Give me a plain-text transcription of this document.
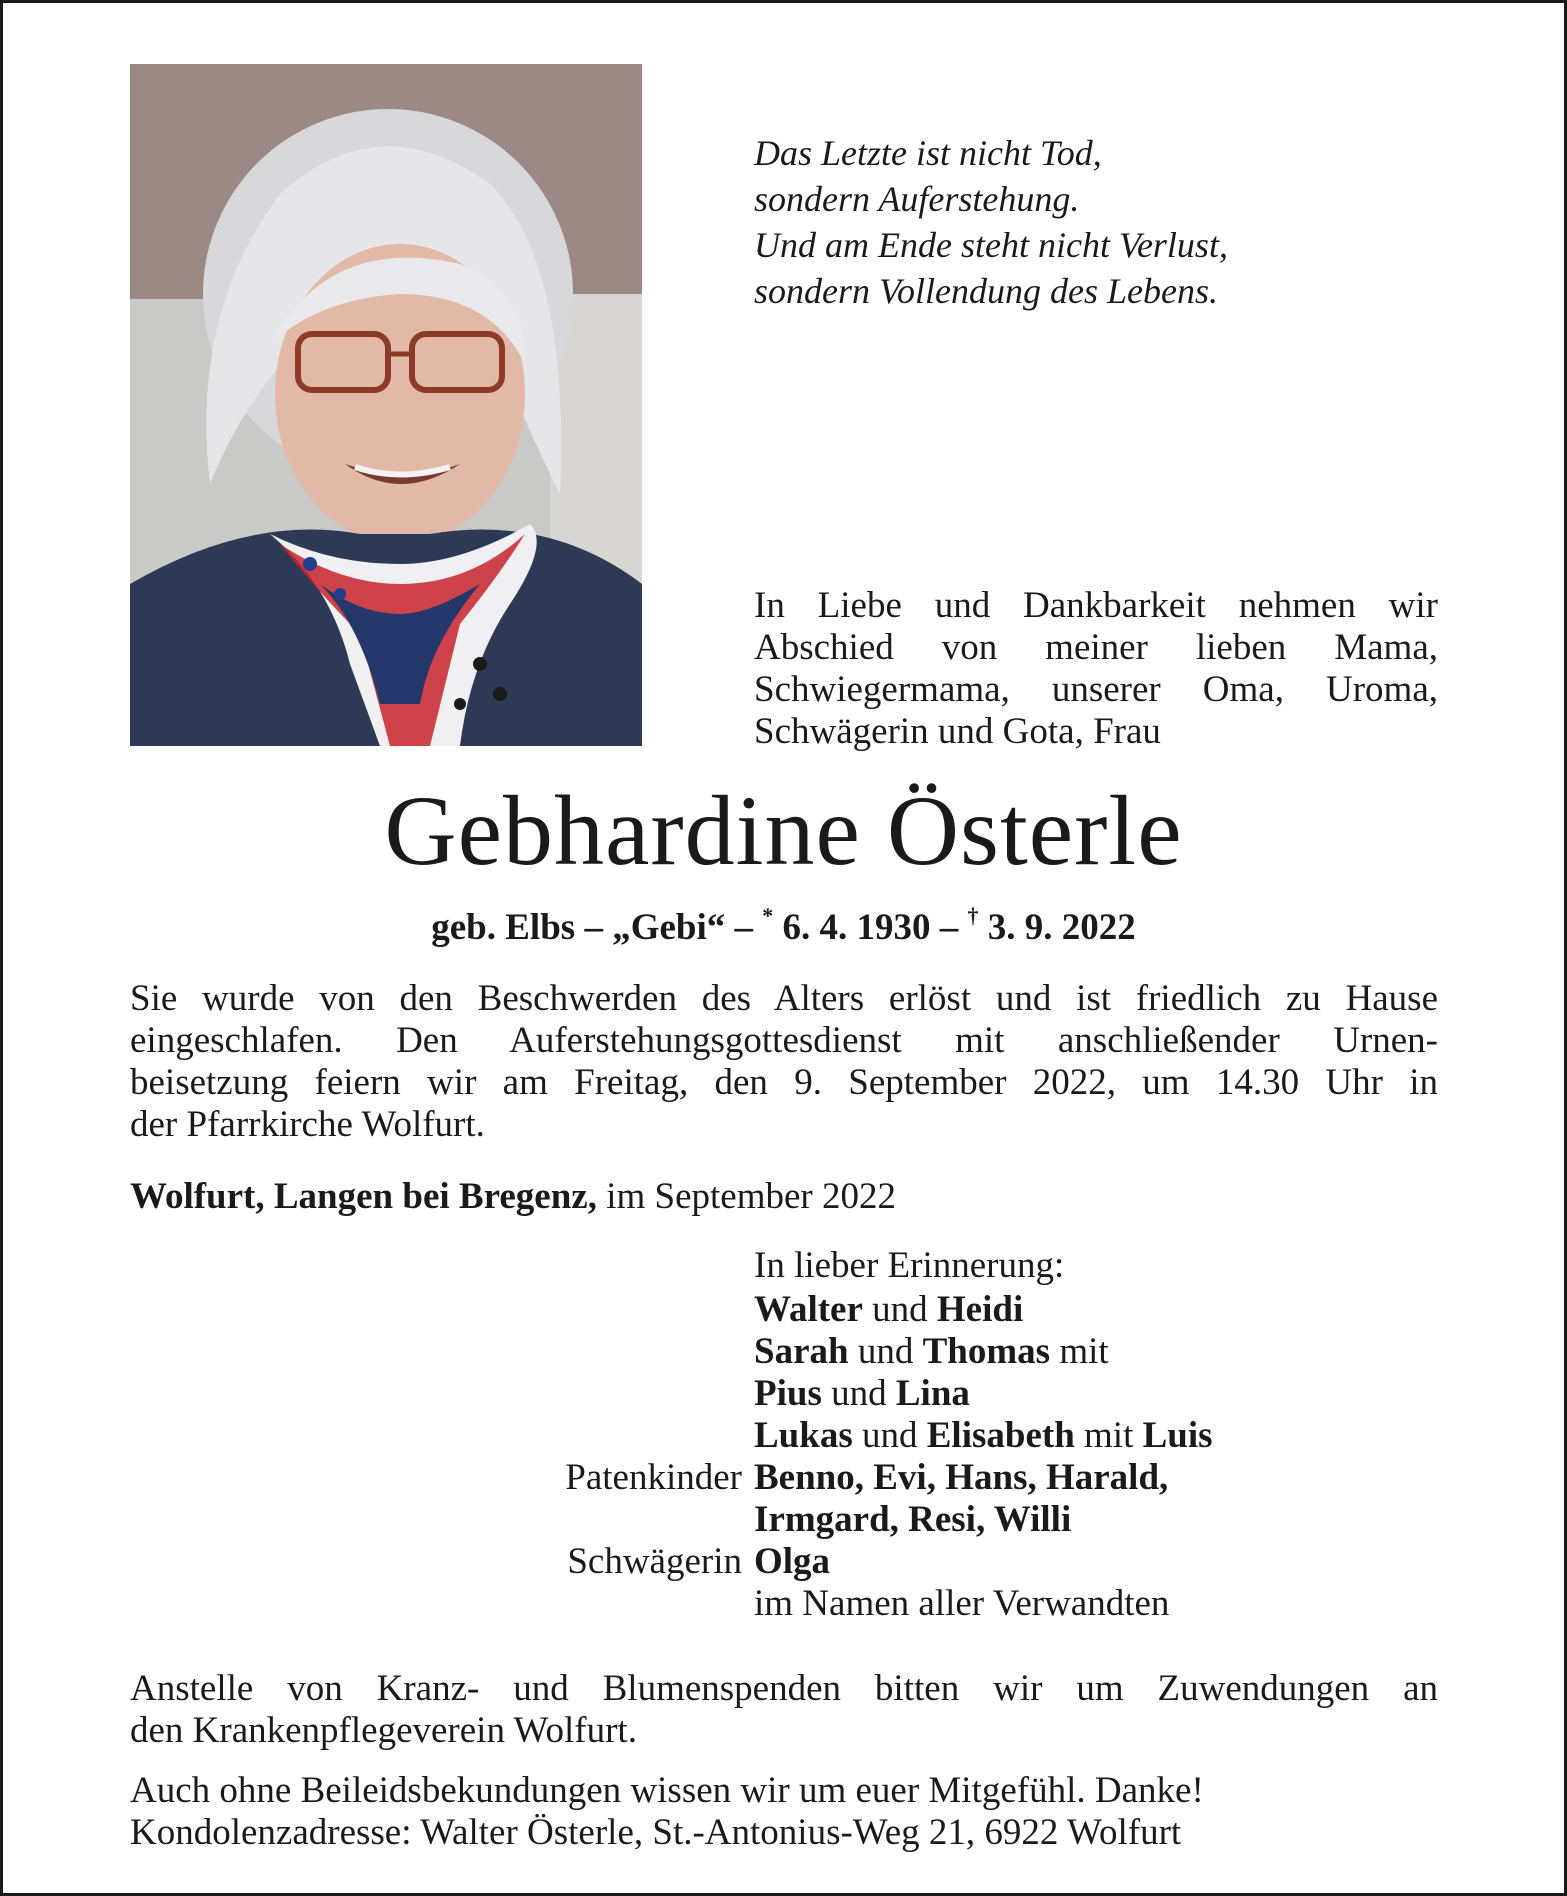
Das Letzte ist nicht Tod,
sondern Auferstehung.
Und am Ende steht nicht Verlust,
sondern Vollendung des Lebens.
In Liebe und Dankbarkeit nehmen wir
Abschied von meiner lieben Mama,
Schwiegermama, unserer Oma, Uroma,
Schwägerin und Gota, Frau
Gebhardine Österle
geb. Elbs – „Gebi“ – * 6. 4. 1930 – † 3. 9. 2022
Sie wurde von den Beschwerden des Alters erlöst und ist friedlich zu Hause
eingeschlafen. Den Auferstehungsgottesdienst mit anschließender Urnen-
beisetzung feiern wir am Freitag, den 9. September 2022, um 14.30 Uhr in
der Pfarrkirche Wolfurt.
Wolfurt, Langen bei Bregenz, im September 2022
In lieber Erinnerung:
Walter und Heidi
Sarah und Thomas mit
Pius und Lina
Lukas und Elisabeth mit Luis
Patenkinder Benno, Evi, Hans, Harald,
Irmgard, Resi, Willi
Schwägerin Olga
im Namen aller Verwandten
Anstelle von Kranz- und Blumenspenden bitten wir um Zuwendungen an
den Krankenpflegeverein Wolfurt.
Auch ohne Beileidsbekundungen wissen wir um euer Mitgefühl. Danke!
Kondolenzadresse: Walter Österle, St.-Antonius-Weg 21, 6922 Wolfurt
